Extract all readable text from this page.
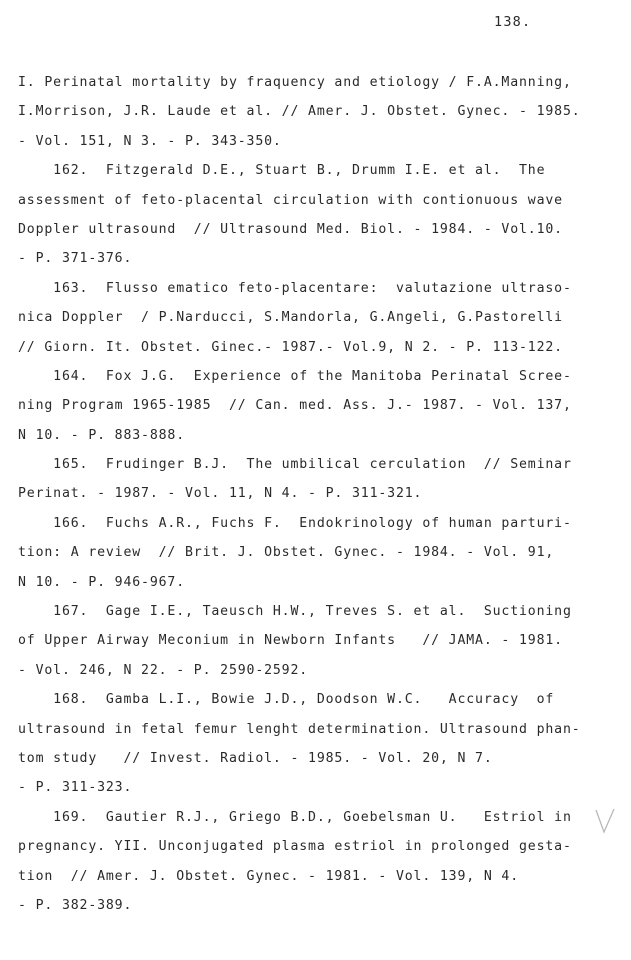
138.
I. Perinatal mortality by fraquency and etiology / F.A.Manning,
I.Morrison, J.R. Laude et al. // Amer. J. Obstet. Gynec. - 1985.
- Vol. 151, N 3. - P. 343-350.
162.  Fitzgerald D.E., Stuart B., Drumm I.E. et al.  The
assessment of feto-placental circulation with contionuous wave
Doppler ultrasound  // Ultrasound Med. Biol. - 1984. - Vol.10.
- P. 371-376.
163.  Flusso ematico feto-placentare:  valutazione ultraso-
nica Doppler  / P.Narducci, S.Mandorla, G.Angeli, G.Pastorelli
// Giorn. It. Obstet. Ginec.- 1987.- Vol.9, N 2. - P. 113-122.
164.  Fox J.G.  Experience of the Manitoba Perinatal Scree-
ning Program 1965-1985  // Can. med. Ass. J.- 1987. - Vol. 137,
N 10. - P. 883-888.
165.  Frudinger B.J.  The umbilical cerculation  // Seminar
Perinat. - 1987. - Vol. 11, N 4. - P. 311-321.
166.  Fuchs A.R., Fuchs F.  Endokrinology of human parturi-
tion: A review  // Brit. J. Obstet. Gynec. - 1984. - Vol. 91,
N 10. - P. 946-967.
167.  Gage I.E., Taeusch H.W., Treves S. et al.  Suctioning
of Upper Airway Meconium in Newborn Infants   // JAMA. - 1981.
- Vol. 246, N 22. - P. 2590-2592.
168.  Gamba L.I., Bowie J.D., Doodson W.C.   Accuracy  of
ultrasound in fetal femur lenght determination. Ultrasound phan-
tom study   // Invest. Radiol. - 1985. - Vol. 20, N 7.
- P. 311-323.
169.  Gautier R.J., Griego B.D., Goebelsman U.   Estriol in
pregnancy. YII. Unconjugated plasma estriol in prolonged gesta-
tion  // Amer. J. Obstet. Gynec. - 1981. - Vol. 139, N 4.
- P. 382-389.
